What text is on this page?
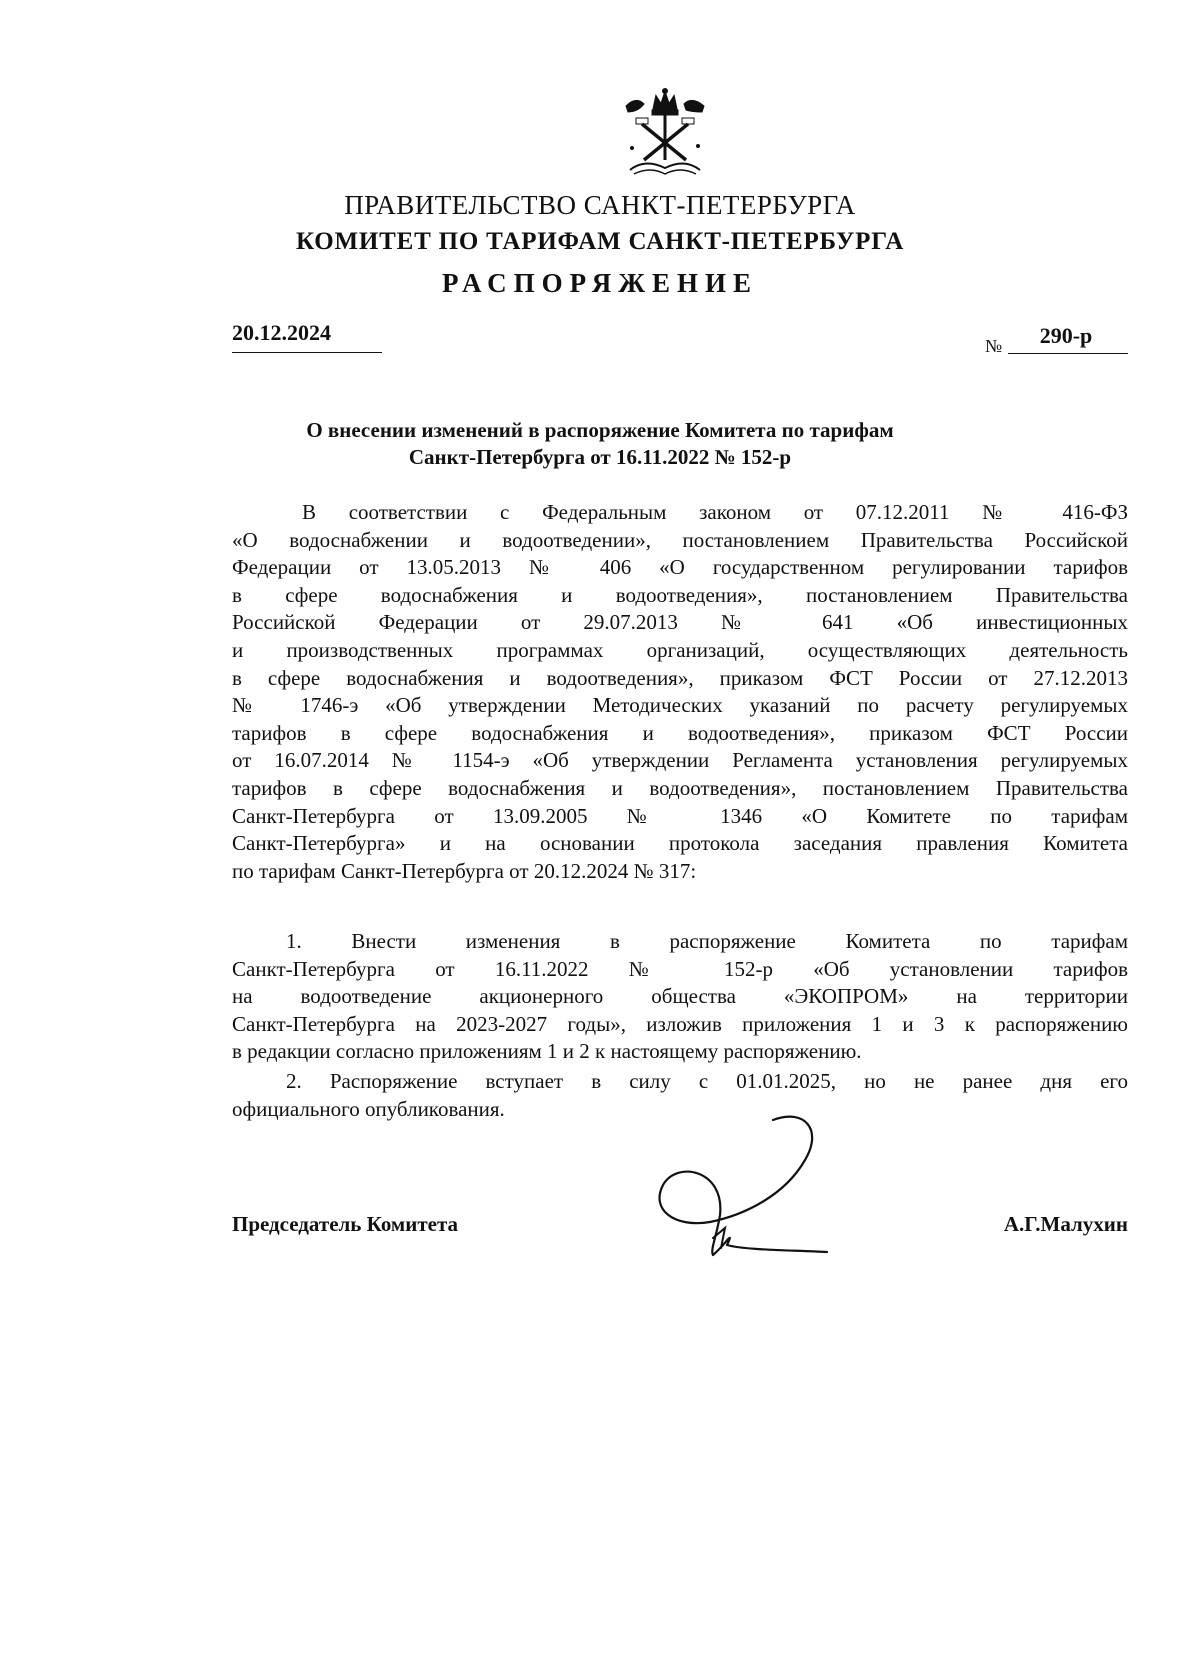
ПРАВИТЕЛЬСТВО САНКТ-ПЕТЕРБУРГА
КОМИТЕТ ПО ТАРИФАМ САНКТ-ПЕТЕРБУРГА
РАСПОРЯЖЕНИЕ
20.12.2024
№	290-р
О внесении изменений в распоряжение Комитета по тарифам
Санкт-Петербурга от 16.11.2022 № 152-р
В соответствии с Федеральным законом от 07.12.2011 № 416-ФЗ
«О водоснабжении и водоотведении», постановлением Правительства Российской
Федерации от 13.05.2013 № 406 «О государственном регулировании тарифов
в сфере водоснабжения и водоотведения», постановлением Правительства
Российской Федерации от 29.07.2013 № 641 «Об инвестиционных
и производственных программах организаций, осуществляющих деятельность
в сфере водоснабжения и водоотведения», приказом ФСТ России от 27.12.2013
№ 1746-э «Об утверждении Методических указаний по расчету регулируемых
тарифов в сфере водоснабжения и водоотведения», приказом ФСТ России
от 16.07.2014 № 1154-э «Об утверждении Регламента установления регулируемых
тарифов в сфере водоснабжения и водоотведения», постановлением Правительства
Санкт-Петербурга от 13.09.2005 № 1346 «О Комитете по тарифам
Санкт-Петербурга» и на основании протокола заседания правления Комитета
по тарифам Санкт-Петербурга от 20.12.2024 № 317:
1. Внести изменения в распоряжение Комитета по тарифам
Санкт-Петербурга от 16.11.2022 № 152-р «Об установлении тарифов
на водоотведение акционерного общества «ЭКОПРОМ» на территории
Санкт-Петербурга на 2023-2027 годы», изложив приложения 1 и 3 к распоряжению
в редакции согласно приложениям 1 и 2 к настоящему распоряжению.
2. Распоряжение вступает в силу с 01.01.2025, но не ранее дня его
официального опубликования.
Председатель Комитета	А.Г.Малухин
